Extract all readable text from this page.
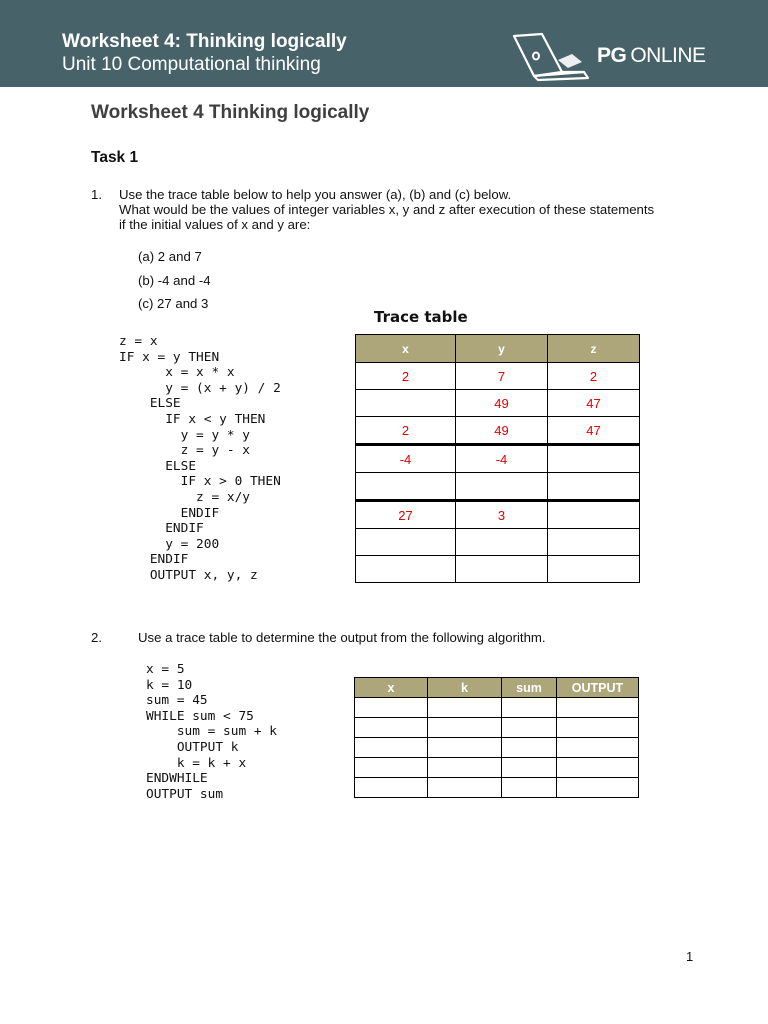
Worksheet 4: Thinking logically
Unit 10 Computational thinking	PG ONLINE
Worksheet 4 Thinking logically
Task 1
1. Use the trace table below to help you answer (a), (b) and (c) below.
What would be the values of integer variables x, y and z after execution of these statements
if the initial values of x and y are:
(a) 2 and 7
(b) -4 and -4
(c) 27 and 3
Trace table
z = x
IF x = y THEN
x = x * x
y = (x + y) / 2
ELSE
IF x < y THEN
y = y * y
z = y - x
ELSE
IF x > 0 THEN
z = x/y
ENDIF
ENDIF
y = 200
ENDIF
OUTPUT x, y, z
x	y	z
2	7	2
	49	47
2	49	47
-4	-4	

27	3	

2.	Use a trace table to determine the output from the following algorithm.
x = 5
k = 10
sum = 45
WHILE sum < 75
sum = sum + k
OUTPUT k
k = k + x
ENDWHILE
OUTPUT sum
x	k	sum	OUTPUT

1
